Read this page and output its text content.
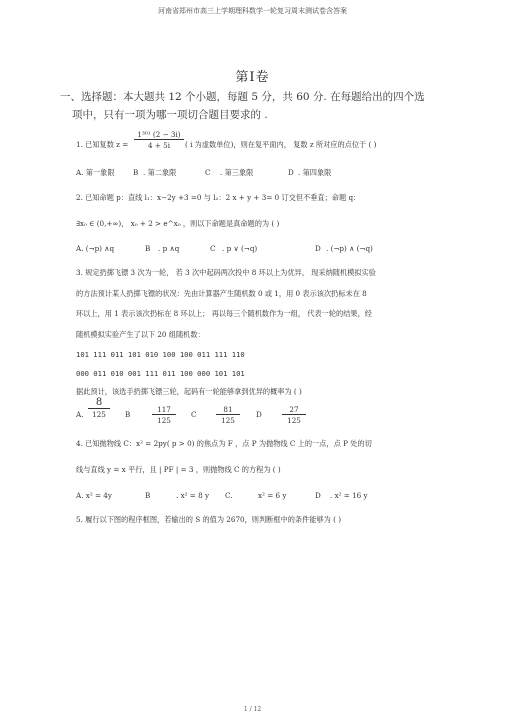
河南省郑州市高三上学期理科数学一轮复习周末测试卷含答案
第Ⅰ卷
一、选择题：本大题共 12 个小题，每题 5 分，共 60 分. 在每题给出的四个选
项中，只有一项为哪一项切合题目要求的 .
1. 已知复数 $z = \frac{\text{1³⁰¹ (2 − 3i)}}{4 + 5i}$ ( i 为虚数单位)，则在复平面内， 复数 z 所对应的点位于 ( )
A. 第一象限	B . 第二象限	C . 第三象限	D . 第四象限
2. 已知命题 p：直线 l₁：x−2y +3 =0 与 l₂：2 x + y + 3= 0 订交但不垂直；命题 q：
∃x₀ ∈ (0,+∞)， x₀ + 2 > e^x₀ ，则以下命题是真命题的为 ( )
A. (¬p) ∧q	B . p ∧q	C . p ∨ (¬q)	D . (¬p) ∧ (¬q)
3. 规定扔掷飞镖 3 次为一轮， 若 3 次中起码两次投中 8 环以上为优异， 现采纳随机模拟实验
的方法预计某人扔掷飞镖的状况：先由计算器产生随机数 0 或 1，用 0 表示该次扔标未在 8
环以上，用 1 表示该次扔标在 8 环以上； 再以每三个随机数作为一组， 代表一轮的结果，经
随机模拟实验产生了以下 20 组随机数：
101 111 011 101 010 100 100 011 111 110
000 011 010 001 111 011 100 000 101 101
据此预计，该选手扔掷飞镖三轮，起码有一轮能够拿到优异的概率为 ( )
A.
8
125	B	$\frac{117}{125}$ C	$\frac{81}{125}$ D	$\frac{27}{125}$
4. 已知抛物线 C：x² = 2py( p > 0) 的焦点为 F ，点 P 为抛物线 C 上的一点，点 P 处的切
线与直线 y = x 平行，且 | PF | = 3 ，则抛物线 C 的方程为 ( )
A. x² = 4y	B	. x² = 8 y C.	x² = 6 y	D . x² = 16 y
5. 履行以下图的程序框图，若输出的 S 的值为 2670，则判断框中的条件能够为 ( )
1 / 12
